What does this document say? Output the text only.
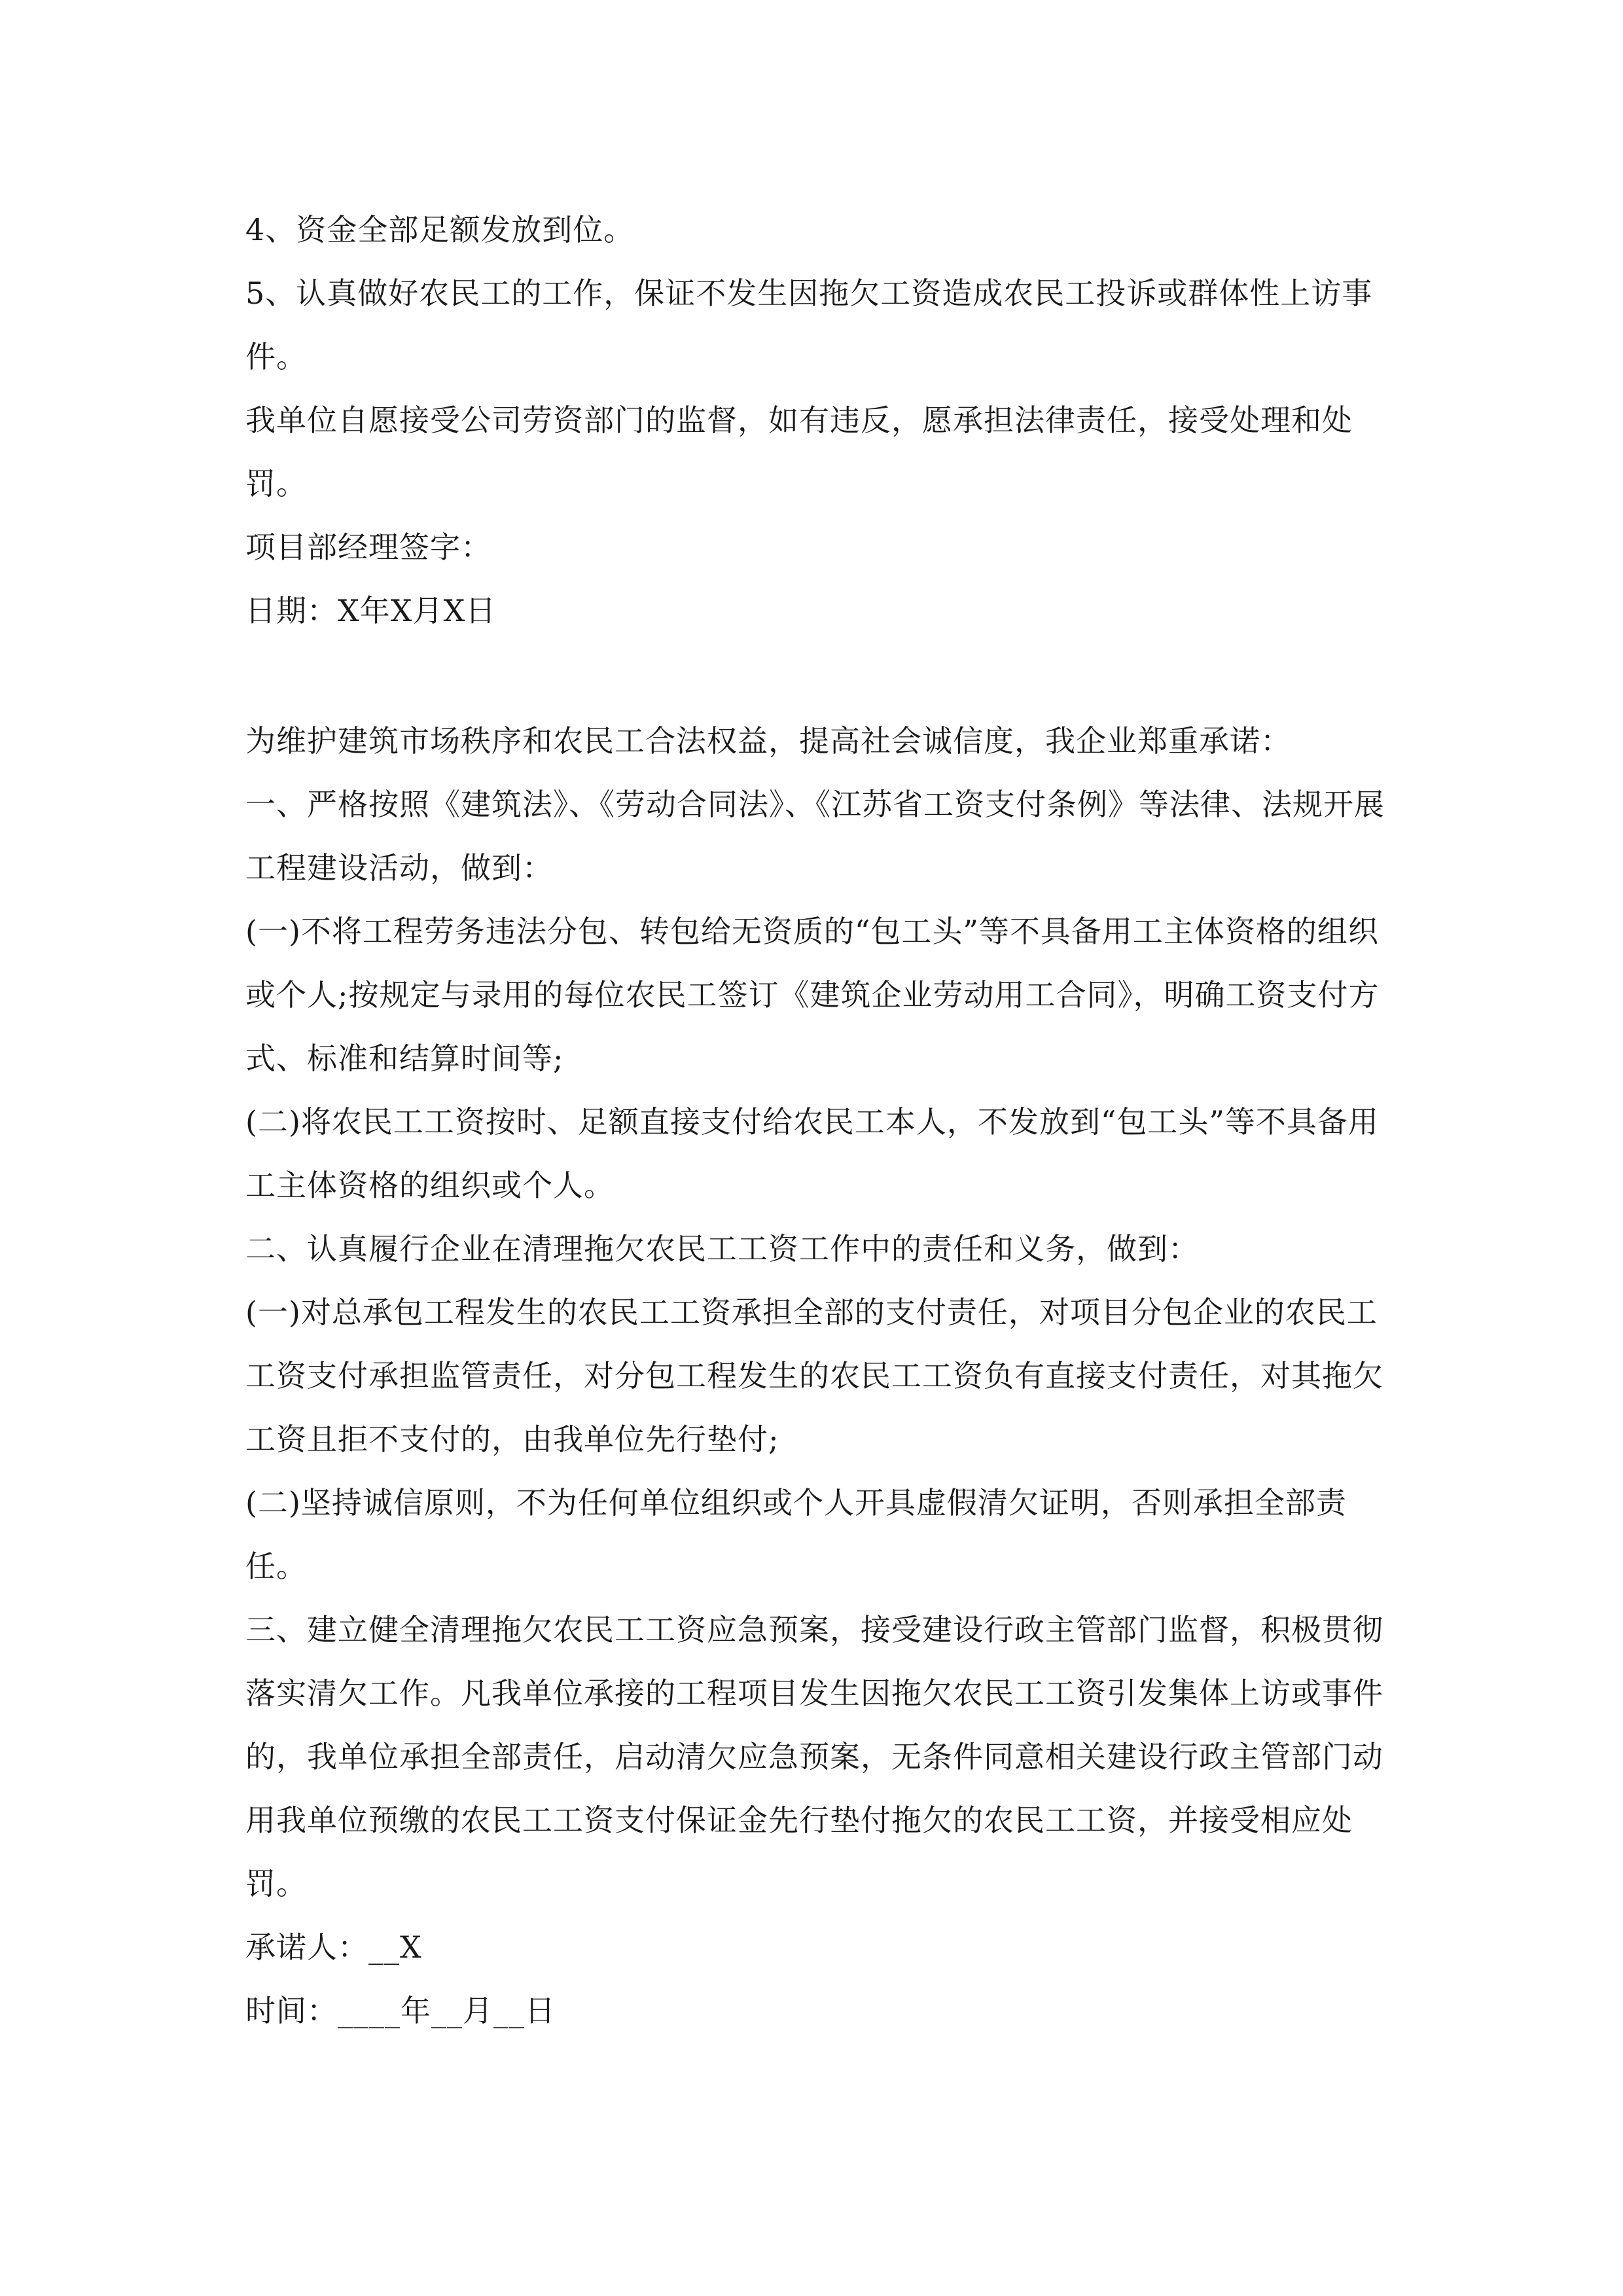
4、资金全部足额发放到位。

5、认真做好农民工的工作，保证不发生因拖欠工资造成农民工投诉或群体性上访事件。

我单位自愿接受公司劳资部门的监督，如有违反，愿承担法律责任，接受处理和处罚。

项目部经理签字：

日期：X年X月X日

为维护建筑市场秩序和农民工合法权益，提高社会诚信度，我企业郑重承诺：

一、严格按照《建筑法》、《劳动合同法》、《江苏省工资支付条例》等法律、法规开展工程建设活动，做到：

(一)不将工程劳务违法分包、转包给无资质的“包工头”等不具备用工主体资格的组织或个人;按规定与录用的每位农民工签订《建筑企业劳动用工合同》，明确工资支付方式、标准和结算时间等;

(二)将农民工工资按时、足额直接支付给农民工本人，不发放到“包工头”等不具备用工主体资格的组织或个人。

二、认真履行企业在清理拖欠农民工工资工作中的责任和义务，做到：

(一)对总承包工程发生的农民工工资承担全部的支付责任，对项目分包企业的农民工工资支付承担监管责任，对分包工程发生的农民工工资负有直接支付责任，对其拖欠工资且拒不支付的，由我单位先行垫付;

(二)坚持诚信原则，不为任何单位组织或个人开具虚假清欠证明，否则承担全部责任。

三、建立健全清理拖欠农民工工资应急预案，接受建设行政主管部门监督，积极贯彻落实清欠工作。凡我单位承接的工程项目发生因拖欠农民工工资引发集体上访或事件的，我单位承担全部责任，启动清欠应急预案，无条件同意相关建设行政主管部门动用我单位预缴的农民工工资支付保证金先行垫付拖欠的农民工工资，并接受相应处罚。

承诺人：__X

时间：____年__月__日
